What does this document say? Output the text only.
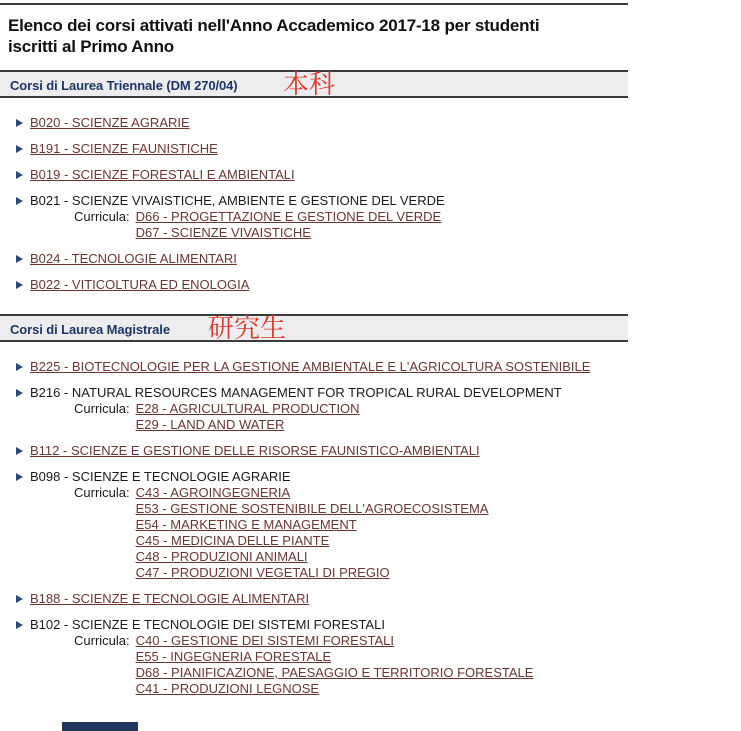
Elenco dei corsi attivati nell'Anno Accademico 2017-18 per studenti
iscritti al Primo Anno
Corsi di Laurea Triennale (DM 270/04) 本科
B020 - SCIENZE AGRARIE
B191 - SCIENZE FAUNISTICHE
B019 - SCIENZE FORESTALI E AMBIENTALI
B021 - SCIENZE VIVAISTICHE, AMBIENTE E GESTIONE DEL VERDE
Curricula: D66 - PROGETTAZIONE E GESTIONE DEL VERDE
D67 - SCIENZE VIVAISTICHE
B024 - TECNOLOGIE ALIMENTARI
B022 - VITICOLTURA ED ENOLOGIA
Corsi di Laurea Magistrale 研究生
B225 - BIOTECNOLOGIE PER LA GESTIONE AMBIENTALE E L'AGRICOLTURA SOSTENIBILE
B216 - NATURAL RESOURCES MANAGEMENT FOR TROPICAL RURAL DEVELOPMENT
Curricula: E28 - AGRICULTURAL PRODUCTION
E29 - LAND AND WATER
B112 - SCIENZE E GESTIONE DELLE RISORSE FAUNISTICO-AMBIENTALI
B098 - SCIENZE E TECNOLOGIE AGRARIE
Curricula: C43 - AGROINGEGNERIA
E53 - GESTIONE SOSTENIBILE DELL'AGROECOSISTEMA
E54 - MARKETING E MANAGEMENT
C45 - MEDICINA DELLE PIANTE
C48 - PRODUZIONI ANIMALI
C47 - PRODUZIONI VEGETALI DI PREGIO
B188 - SCIENZE E TECNOLOGIE ALIMENTARI
B102 - SCIENZE E TECNOLOGIE DEI SISTEMI FORESTALI
Curricula: C40 - GESTIONE DEI SISTEMI FORESTALI
E55 - INGEGNERIA FORESTALE
D68 - PIANIFICAZIONE, PAESAGGIO E TERRITORIO FORESTALE
C41 - PRODUZIONI LEGNOSE
